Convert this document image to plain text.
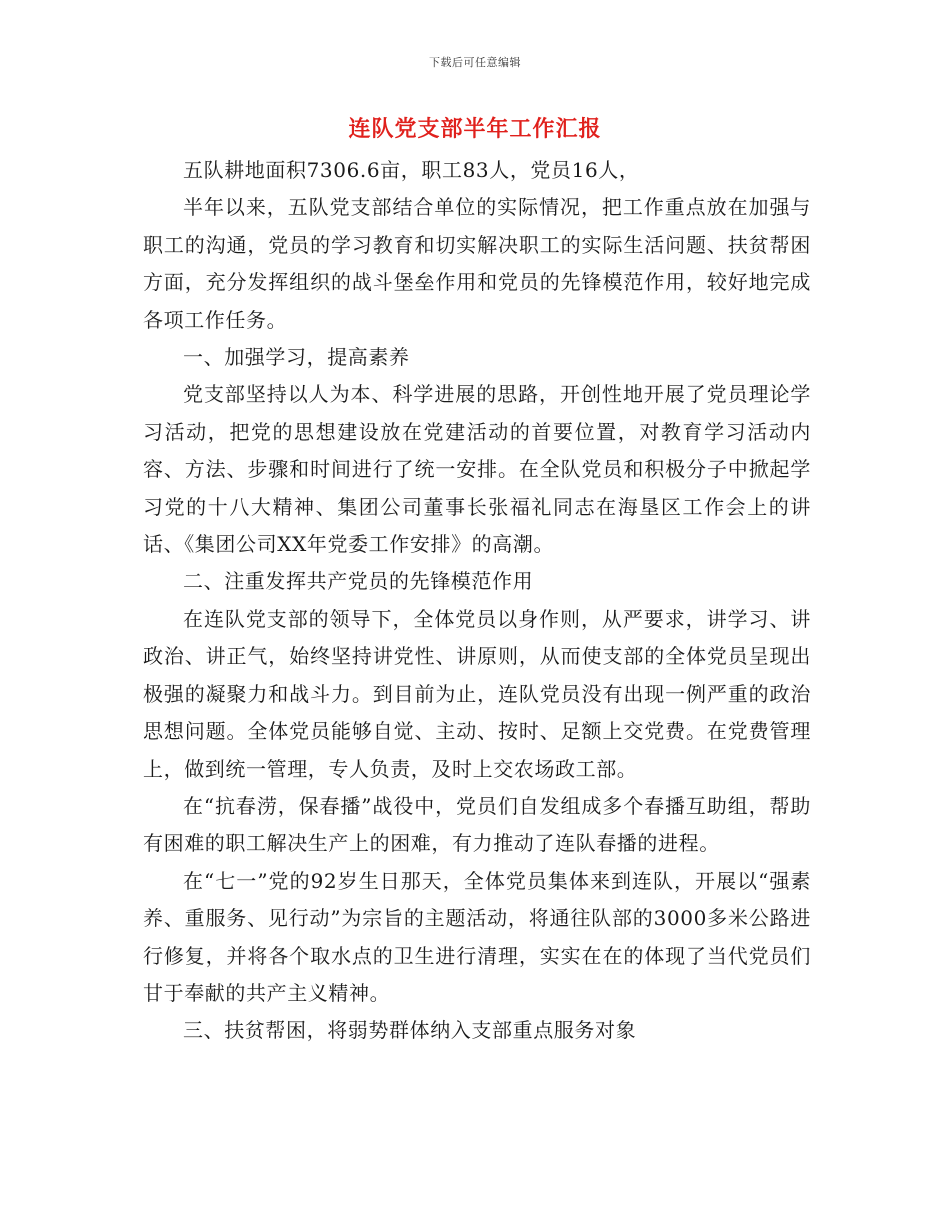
下载后可任意编辑
连队党支部半年工作汇报

五队耕地面积7306.6亩，职工83人，党员16人，

半年以来，五队党支部结合单位的实际情况，把工作重点放在加强与职工的沟通，党员的学习教育和切实解决职工的实际生活问题、扶贫帮困方面，充分发挥组织的战斗堡垒作用和党员的先锋模范作用，较好地完成各项工作任务。

一、加强学习，提高素养

党支部坚持以人为本、科学进展的思路，开创性地开展了党员理论学习活动，把党的思想建设放在党建活动的首要位置，对教育学习活动内容、方法、步骤和时间进行了统一安排。在全队党员和积极分子中掀起学习党的十八大精神、集团公司董事长张福礼同志在海垦区工作会上的讲话、《集团公司XX年党委工作安排》的高潮。

二、注重发挥共产党员的先锋模范作用

在连队党支部的领导下，全体党员以身作则，从严要求，讲学习、讲政治、讲正气，始终坚持讲党性、讲原则，从而使支部的全体党员呈现出极强的凝聚力和战斗力。到目前为止，连队党员没有出现一例严重的政治思想问题。全体党员能够自觉、主动、按时、足额上交党费。在党费管理上，做到统一管理，专人负责，及时上交农场政工部。

在“抗春涝，保春播”战役中，党员们自发组成多个春播互助组，帮助有困难的职工解决生产上的困难，有力推动了连队春播的进程。

在“七一”党的92岁生日那天，全体党员集体来到连队，开展以“强素养、重服务、见行动”为宗旨的主题活动，将通往队部的3000多米公路进行修复，并将各个取水点的卫生进行清理，实实在在的体现了当代党员们甘于奉献的共产主义精神。

三、扶贫帮困，将弱势群体纳入支部重点服务对象
